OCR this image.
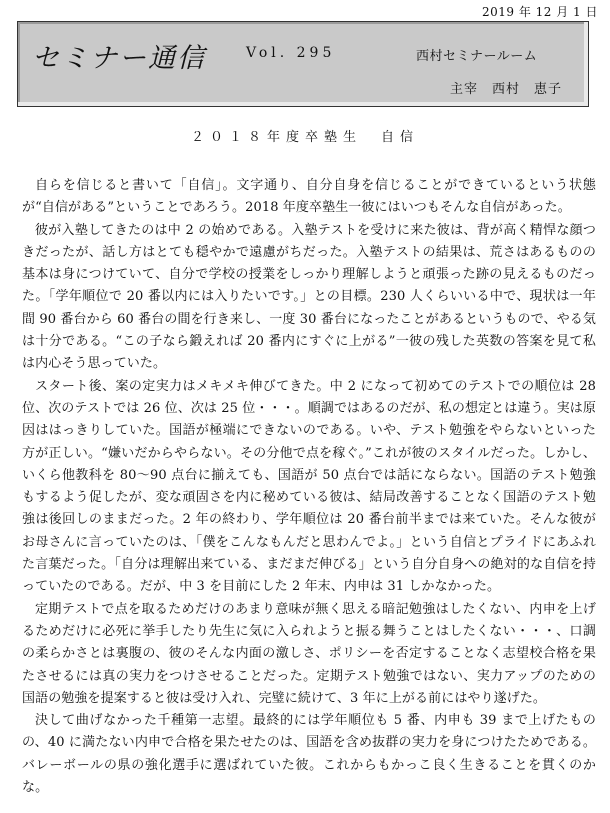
2019 年 12 月 1 日
セミナー通信	Vol. 295	西村セミナールーム
主宰　西村　恵子
２０１８年度卒塾生　自信

自らを信じると書いて「自信」。文字通り、自分自身を信じることができているという状態が“自信がある”ということであろう。2018 年度卒塾生一彼にはいつもそんな自信があった。

彼が入塾してきたのは中 2 の始めである。入塾テストを受けに来た彼は、背が高く精悍な顔つきだったが、話し方はとても穏やかで遠慮がちだった。入塾テストの結果は、荒さはあるものの基本は身につけていて、自分で学校の授業をしっかり理解しようと頑張った跡の見えるものだった。「学年順位で 20 番以内には入りたいです。」との目標。230 人くらいいる中で、現状は一年間 90 番台から 60 番台の間を行き来し、一度 30 番台になったことがあるというもので、やる気は十分である。“この子なら鍛えれば 20 番内にすぐに上がる”一彼の残した英数の答案を見て私は内心そう思っていた。

スタート後、案の定実力はメキメキ伸びてきた。中 2 になって初めてのテストでの順位は 28 位、次のテストでは 26 位、次は 25 位・・・。順調ではあるのだが、私の想定とは違う。実は原因ははっきりしていた。国語が極端にできないのである。いや、テスト勉強をやらないといった方が正しい。“嫌いだからやらない。その分他で点を稼ぐ。”これが彼のスタイルだった。しかし、いくら他教科を 80～90 点台に揃えても、国語が 50 点台では話にならない。国語のテスト勉強もするよう促したが、変な頑固さを内に秘めている彼は、結局改善することなく国語のテスト勉強は後回しのままだった。2 年の終わり、学年順位は 20 番台前半までは来ていた。そんな彼がお母さんに言っていたのは、「僕をこんなもんだと思わんでよ。」という自信とプライドにあふれた言葉だった。「自分は理解出来ている、まだまだ伸びる」という自分自身への絶対的な自信を持っていたのである。だが、中 3 を目前にした 2 年末、内申は 31 しかなかった。

定期テストで点を取るためだけのあまり意味が無く思える暗記勉強はしたくない、内申を上げるためだけに必死に挙手したり先生に気に入られようと振る舞うことはしたくない・・・、口調の柔らかさとは裏腹の、彼のそんな内面の激しさ、ポリシーを否定することなく志望校合格を果たさせるには真の実力をつけさせることだった。定期テスト勉強ではない、実力アップのための国語の勉強を提案すると彼は受け入れ、完璧に続けて、3 年に上がる前にはやり遂げた。

決して曲げなかった千種第一志望。最終的には学年順位も 5 番、内申も 39 まで上げたものの、40 に満たない内申で合格を果たせたのは、国語を含め抜群の実力を身につけたためである。バレーボールの県の強化選手に選ばれていた彼。これからもかっこ良く生きることを貫くのかな。
